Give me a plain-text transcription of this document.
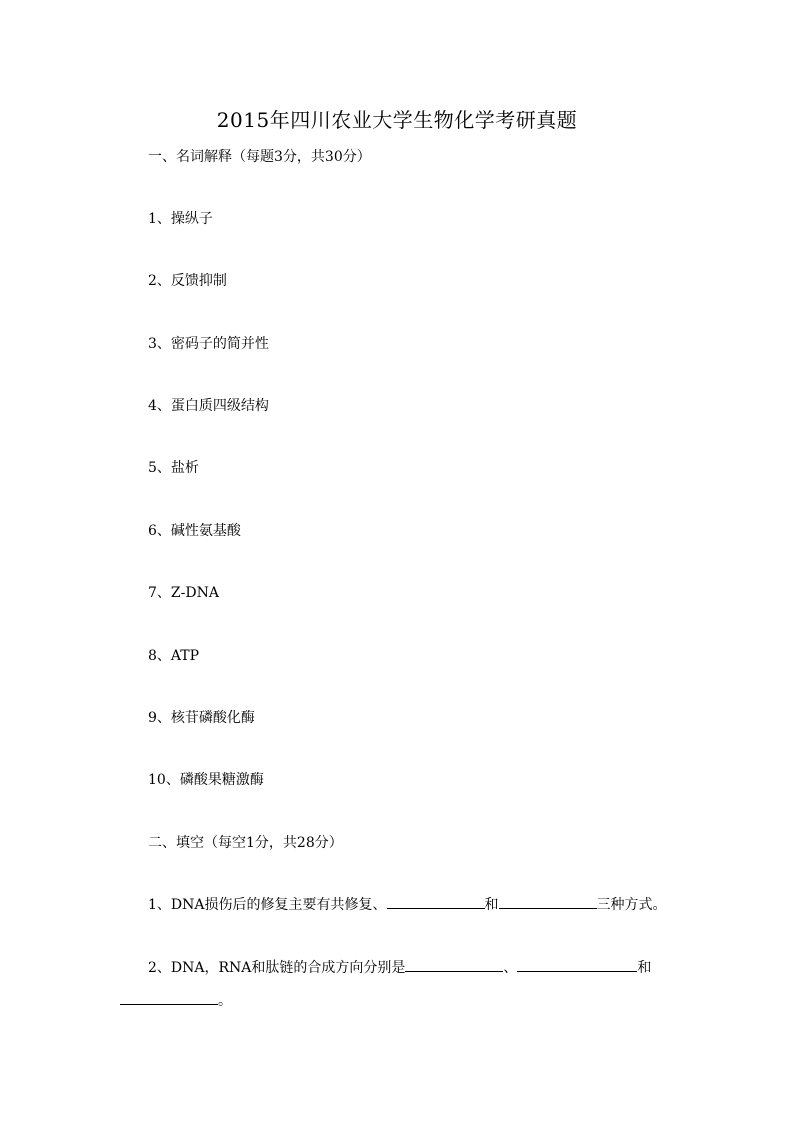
2015年四川农业大学生物化学考研真题
一、名词解释（每题3分，共30分）
1、操纵子
2、反馈抑制
3、密码子的简并性
4、蛋白质四级结构
5、盐析
6、碱性氨基酸
7、Z-DNA
8、ATP
9、核苷磷酸化酶
10、磷酸果糖激酶
二、填空（每空1分，共28分）
1、DNA损伤后的修复主要有共修复、	和	三种方式。
2、DNA，RNA和肽链的合成方向分别是	、	和
。
